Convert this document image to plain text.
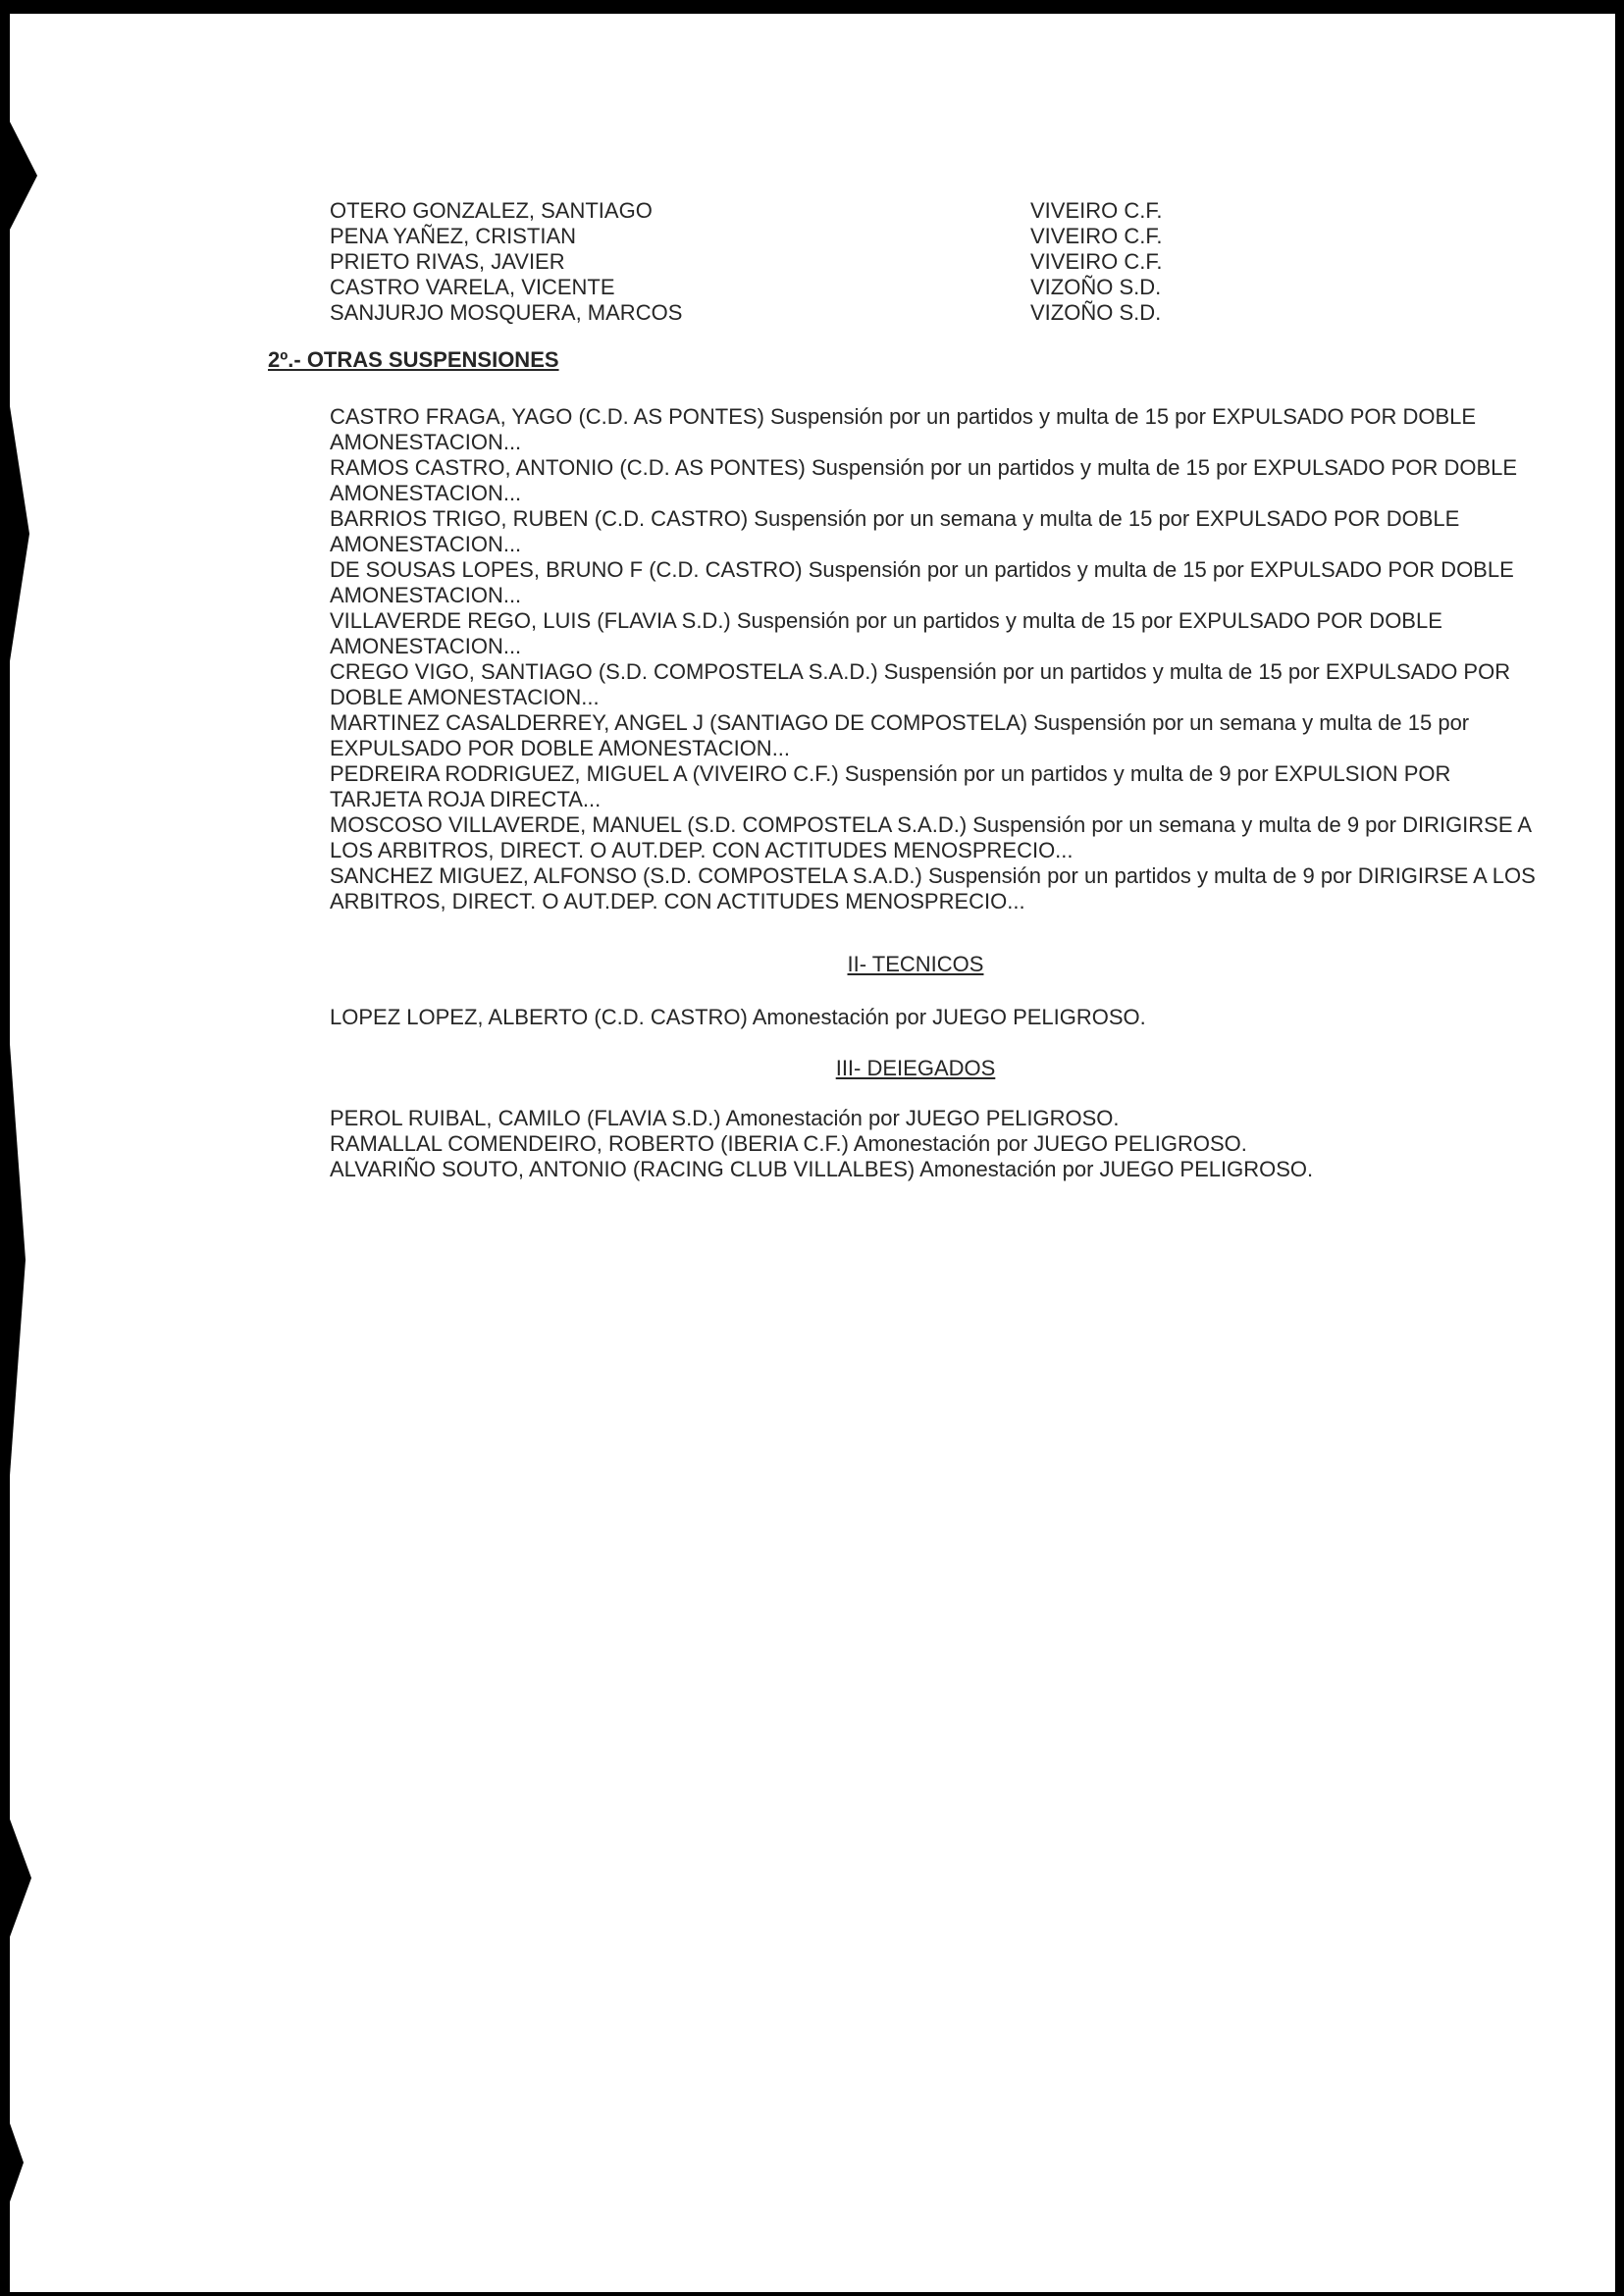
OTERO GONZALEZ, SANTIAGO	VIVEIRO C.F.
PENA YAÑEZ, CRISTIAN	VIVEIRO C.F.
PRIETO RIVAS, JAVIER	VIVEIRO C.F.
CASTRO VARELA, VICENTE	VIZOÑO S.D.
SANJURJO MOSQUERA, MARCOS	VIZOÑO S.D.
2º.- OTRAS SUSPENSIONES

CASTRO FRAGA, YAGO (C.D. AS PONTES) Suspensión por un partidos y multa de 15 por EXPULSADO POR DOBLE AMONESTACION...

RAMOS CASTRO, ANTONIO (C.D. AS PONTES) Suspensión por un partidos y multa de 15 por EXPULSADO POR DOBLE AMONESTACION...

BARRIOS TRIGO, RUBEN (C.D. CASTRO) Suspensión por un semana y multa de 15 por EXPULSADO POR DOBLE AMONESTACION...

DE SOUSAS LOPES, BRUNO F (C.D. CASTRO) Suspensión por un partidos y multa de 15 por EXPULSADO POR DOBLE AMONESTACION...

VILLAVERDE REGO, LUIS (FLAVIA S.D.) Suspensión por un partidos y multa de 15 por EXPULSADO POR DOBLE AMONESTACION...

CREGO VIGO, SANTIAGO (S.D. COMPOSTELA S.A.D.) Suspensión por un partidos y multa de 15 por EXPULSADO POR DOBLE AMONESTACION...

MARTINEZ CASALDERREY, ANGEL J (SANTIAGO DE COMPOSTELA) Suspensión por un semana y multa de 15 por EXPULSADO POR DOBLE AMONESTACION...

PEDREIRA RODRIGUEZ, MIGUEL A (VIVEIRO C.F.) Suspensión por un partidos y multa de 9 por EXPULSION POR TARJETA ROJA DIRECTA...

MOSCOSO VILLAVERDE, MANUEL (S.D. COMPOSTELA S.A.D.) Suspensión por un semana y multa de 9 por DIRIGIRSE A LOS ARBITROS, DIRECT. O AUT.DEP. CON ACTITUDES MENOSPRECIO...

SANCHEZ MIGUEZ, ALFONSO (S.D. COMPOSTELA S.A.D.) Suspensión por un partidos y multa de 9 por DIRIGIRSE A LOS ARBITROS, DIRECT. O AUT.DEP. CON ACTITUDES MENOSPRECIO...

II- TECNICOS

LOPEZ LOPEZ, ALBERTO (C.D. CASTRO) Amonestación por JUEGO PELIGROSO.

III- DEIEGADOS

PEROL RUIBAL, CAMILO (FLAVIA S.D.) Amonestación por JUEGO PELIGROSO.

RAMALLAL COMENDEIRO, ROBERTO (IBERIA C.F.) Amonestación por JUEGO PELIGROSO.

ALVARIÑO SOUTO, ANTONIO (RACING CLUB VILLALBES) Amonestación por JUEGO PELIGROSO.
